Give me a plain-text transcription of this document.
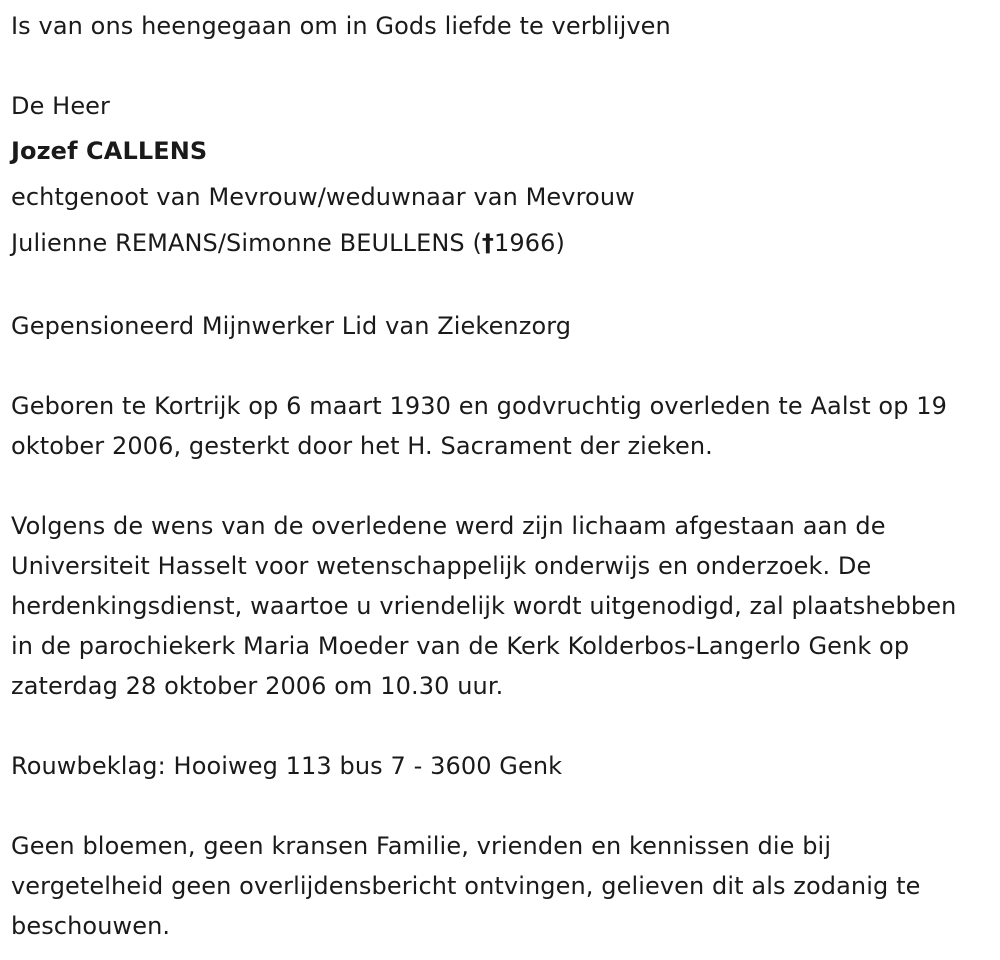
Is van ons heengegaan om in Gods liefde te verblijven

De Heer

Jozef CALLENS

echtgenoot van Mevrouw/weduwnaar van Mevrouw

Julienne REMANS/Simonne BEULLENS (†1966)

Gepensioneerd Mijnwerker Lid van Ziekenzorg

Geboren te Kortrijk op 6 maart 1930 en godvruchtig overleden te Aalst op 19 oktober 2006, gesterkt door het H. Sacrament der zieken.

Volgens de wens van de overledene werd zijn lichaam afgestaan aan de Universiteit Hasselt voor wetenschappelijk onderwijs en onderzoek. De herdenkingsdienst, waartoe u vriendelijk wordt uitgenodigd, zal plaatshebben in de parochiekerk Maria Moeder van de Kerk Kolderbos-Langerlo Genk op zaterdag 28 oktober 2006 om 10.30 uur.

Rouwbeklag: Hooiweg 113 bus 7 - 3600 Genk

Geen bloemen, geen kransen Familie, vrienden en kennissen die bij vergetelheid geen overlijdensbericht ontvingen, gelieven dit als zodanig te beschouwen.
